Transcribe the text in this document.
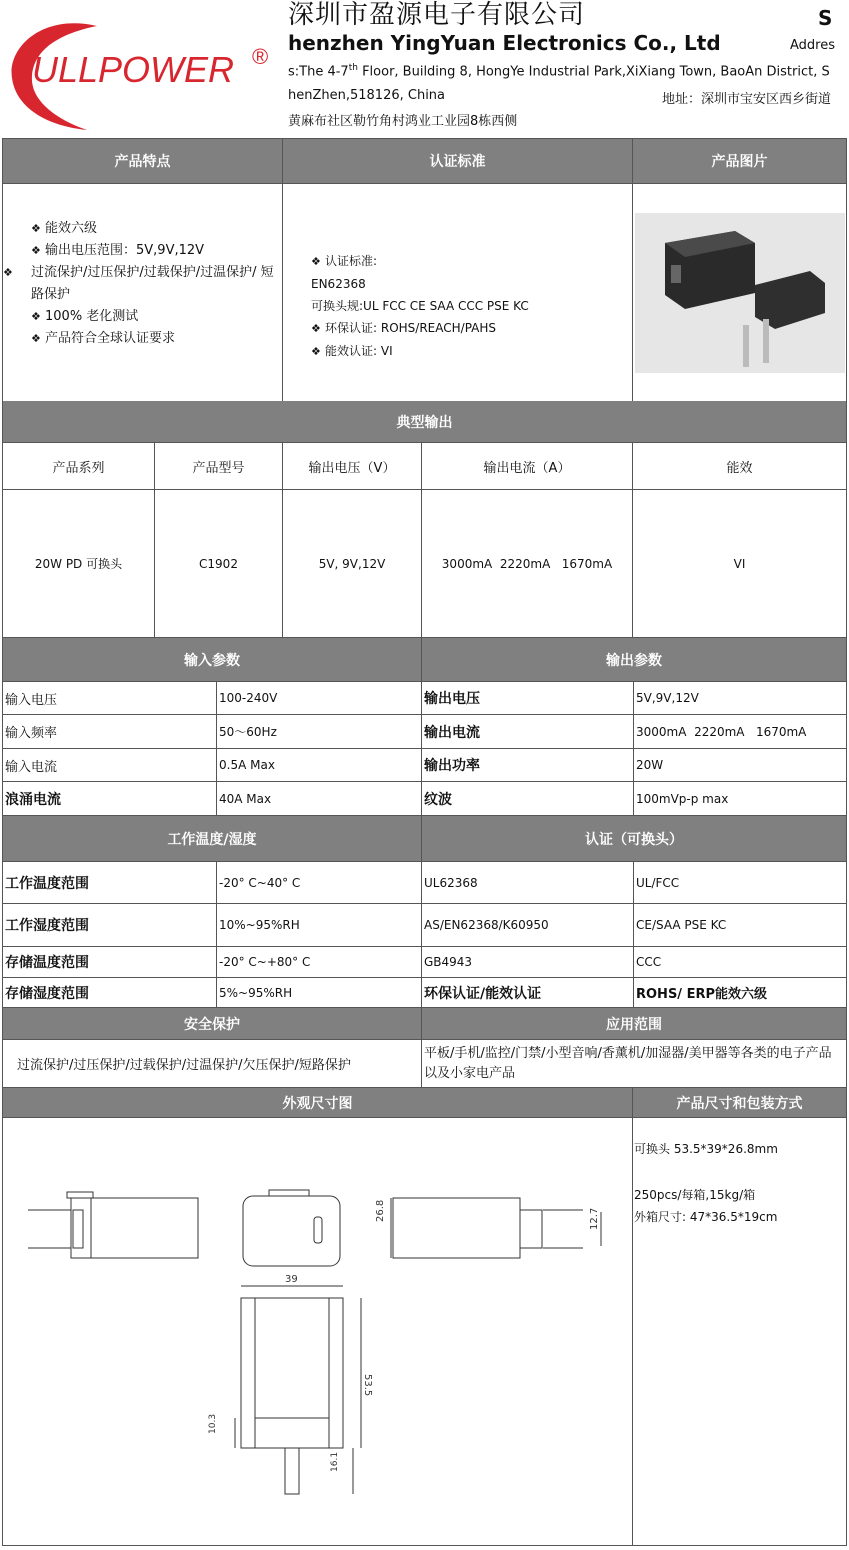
ULLPOWER ®
深圳市盈源电子有限公司
henzhen YingYuan Electronics Co., Ltd
S
Addres
s:The 4-7th Floor, Building 8, HongYe Industrial Park,XiXiang Town, BaoAn District, S
henZhen,518126, China	地址：深圳市宝安区西乡街道
黄麻布社区勒竹角村鸿业工业园8栋西侧
产品特点	认证标准	产品图片
❖ 能效六级
❖ 输出电压范围：5V,9V,12V
❖ 过流保护/过压保护/过载保护/过温保护/ 短路保护
❖ 100% 老化测试
❖ 产品符合全球认证要求
❖ 认证标准:
EN62368
可换头规:UL FCC CE SAA CCC PSE KC
❖ 环保认证: ROHS/REACH/PAHS
❖ 能效认证: VI
典型输出
产品系列	产品型号	输出电压（V）	输出电流（A）	能效
20W PD 可换头	C1902	5V, 9V,12V	3000mA  2220mA   1670mA	VI
输入参数	输出参数
输入电压	100-240V	输出电压	5V,9V,12V
输入频率	50～60Hz	输出电流	3000mA  2220mA   1670mA
输入电流	0.5A Max	输出功率	20W
浪涌电流	40A Max	纹波	100mVp-p max
工作温度/湿度	认证（可换头）
工作温度范围	-20° C~40° C	UL62368	UL/FCC
工作湿度范围	10%~95%RH	AS/EN62368/K60950	CE/SAA PSE KC
存储温度范围	-20° C~+80° C	GB4943	CCC
存储湿度范围	5%~95%RH	环保认证/能效认证	ROHS/ ERP能效六级
安全保护	应用范围
过流保护/过压保护/过载保护/过温保护/欠压保护/短路保护
平板/手机/监控/门禁/小型音响/香薰机/加湿器/美甲器等各类的电子产品以及小家电产品
外观尺寸图	产品尺寸和包装方式
39
53.5
26.8	12.7
10.3
16.1
可换头 53.5*39*26.8mm
250pcs/每箱,15kg/箱
外箱尺寸: 47*36.5*19cm
